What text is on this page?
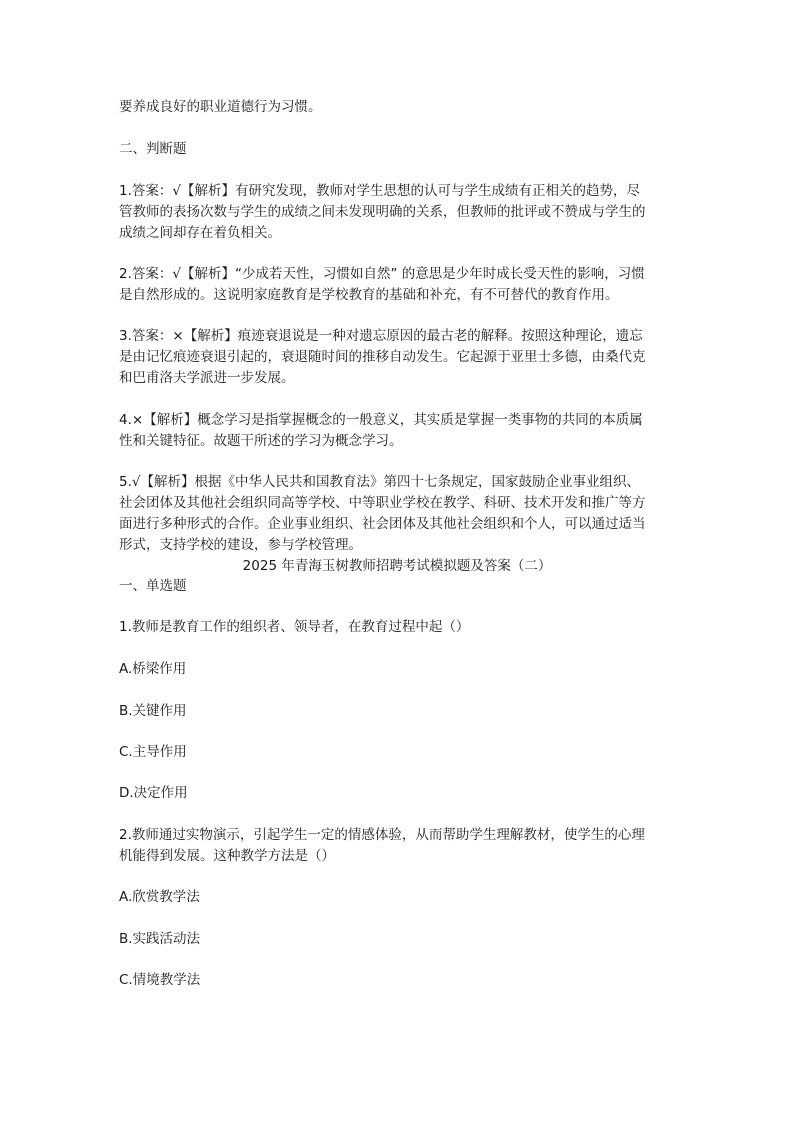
要养成良好的职业道德行为习惯。
二、判断题
1.答案：√【解析】有研究发现，教师对学生思想的认可与学生成绩有正相关的趋势，尽
管教师的表扬次数与学生的成绩之间未发现明确的关系，但教师的批评或不赞成与学生的
成绩之间却存在着负相关。
2.答案：√【解析】“少成若天性，习惯如自然” 的意思是少年时成长受天性的影响，习惯
是自然形成的。这说明家庭教育是学校教育的基础和补充，有不可替代的教育作用。
3.答案：×【解析】痕迹衰退说是一种对遗忘原因的最古老的解释。按照这种理论，遗忘
是由记忆痕迹衰退引起的，衰退随时间的推移自动发生。它起源于亚里士多德，由桑代克
和巴甫洛夫学派进一步发展。
4.×【解析】概念学习是指掌握概念的一般意义，其实质是掌握一类事物的共同的本质属
性和关键特征。故题干所述的学习为概念学习。
5.√【解析】根据《中华人民共和国教育法》第四十七条规定，国家鼓励企业事业组织、
社会团体及其他社会组织同高等学校、中等职业学校在教学、科研、技术开发和推广等方
面进行多种形式的合作。企业事业组织、社会团体及其他社会组织和个人，可以通过适当
形式，支持学校的建设，参与学校管理。
2025 年青海玉树教师招聘考试模拟题及答案（二）
一、单选题
1.教师是教育工作的组织者、领导者，在教育过程中起（）
A.桥梁作用
B.关键作用
C.主导作用
D.决定作用
2.教师通过实物演示，引起学生一定的情感体验，从而帮助学生理解教材，使学生的心理
机能得到发展。这种教学方法是（）
A.欣赏教学法
B.实践活动法
C.情境教学法
